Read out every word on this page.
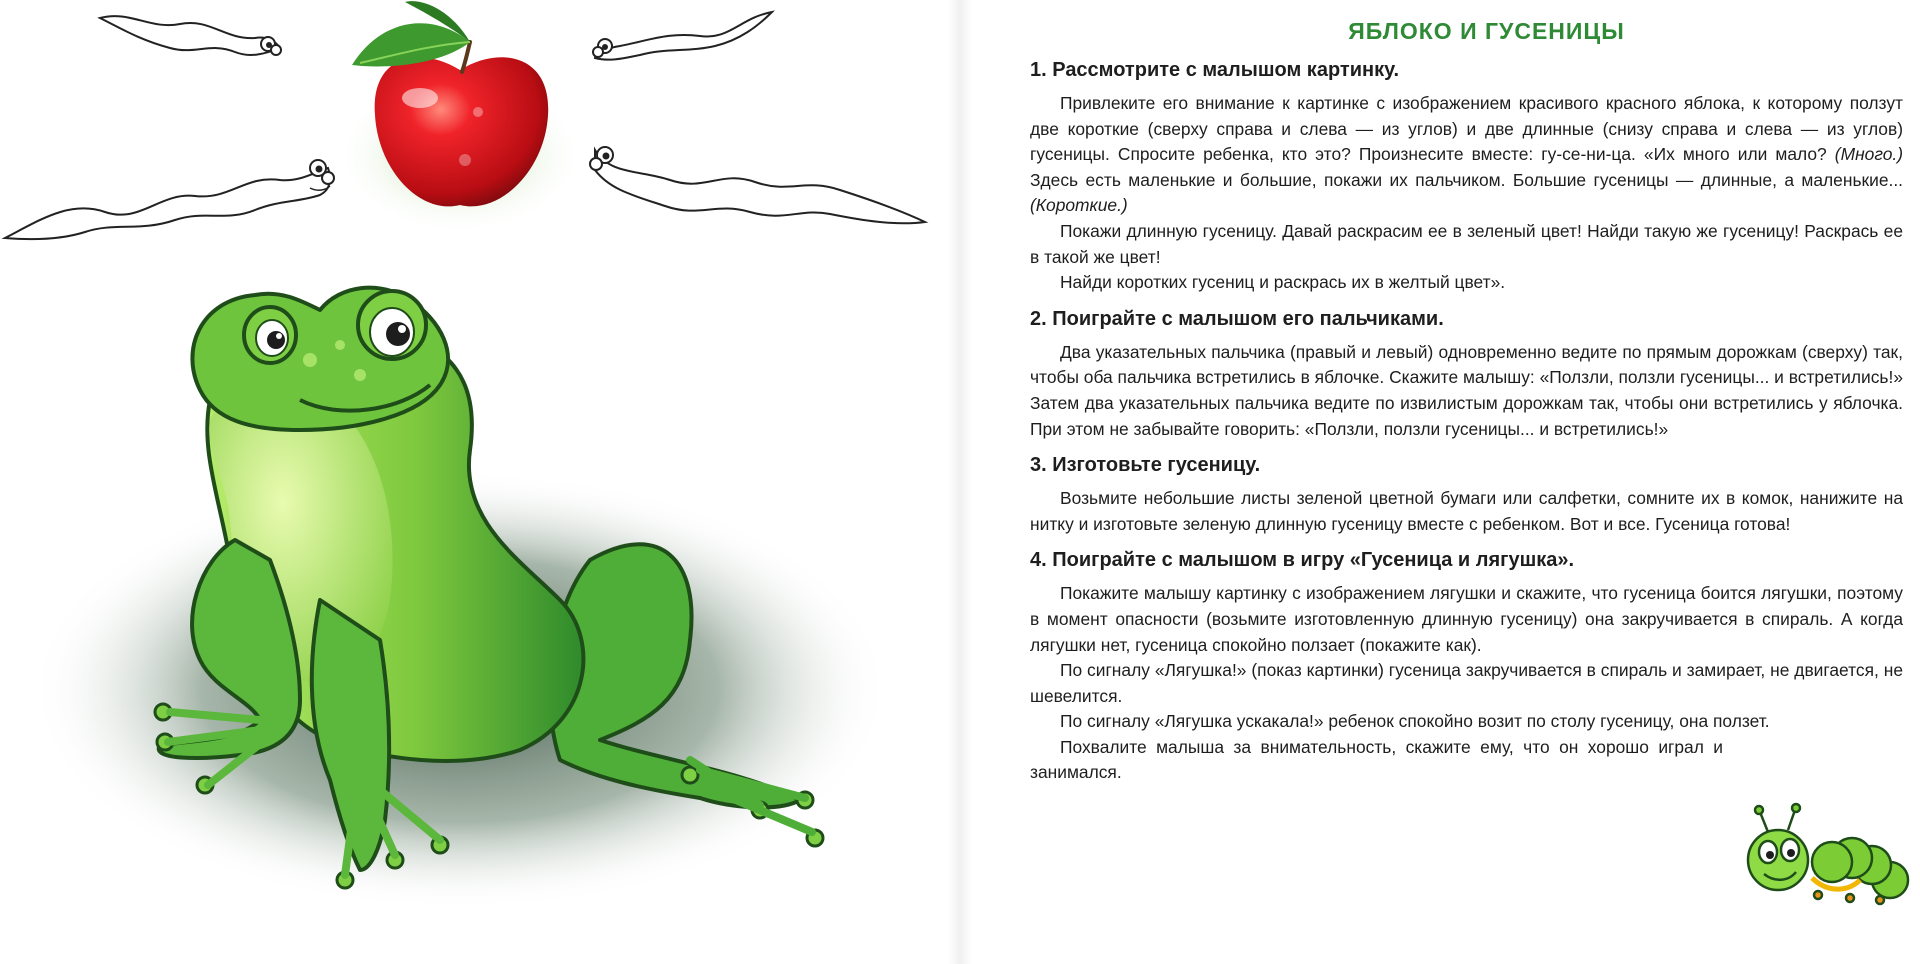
ЯБЛОКО И ГУСЕНИЦЫ
1. Рассмотрите с малышом картинку.

Привлеките его внимание к картинке с изображением красивого красного яблока, к которому ползут две короткие (сверху справа и слева — из углов) и две длинные (снизу справа и слева — из углов) гусеницы. Спросите ребенка, кто это? Произнесите вместе: гу-се-ни-ца. «Их много или мало? (Много.) Здесь есть маленькие и большие, покажи их пальчиком. Большие гусеницы — длинные, а маленькие... (Короткие.)

Покажи длинную гусеницу. Давай раскрасим ее в зеленый цвет! Найди такую же гусеницу! Раскрась ее в такой же цвет!

Найди коротких гусениц и раскрась их в желтый цвет».

2. Поиграйте с малышом его пальчиками.

Два указательных пальчика (правый и левый) одновременно ведите по прямым дорожкам (сверху) так, чтобы оба пальчика встретились в яблочке. Скажите малышу: «Ползли, ползли гусеницы... и встретились!» Затем два указательных пальчика ведите по извилистым дорожкам так, чтобы они встретились у яблочка. При этом не забывайте говорить: «Ползли, ползли гусеницы... и встретились!»

3. Изготовьте гусеницу.

Возьмите небольшие листы зеленой цветной бумаги или салфетки, сомните их в комок, нанижите на нитку и изготовьте зеленую длинную гусеницу вместе с ребенком. Вот и все. Гусеница готова!

4. Поиграйте с малышом в игру «Гусеница и лягушка».

Покажите малышу картинку с изображением лягушки и скажите, что гусеница боится лягушки, поэтому в момент опасности (возьмите изготовленную длинную гусеницу) она закручивается в спираль. А когда лягушки нет, гусеница спокойно ползает (покажите как).

По сигналу «Лягушка!» (показ картинки) гусеница закручивается в спираль и замирает, не двигается, не шевелится.

По сигналу «Лягушка ускакала!» ребенок спокойно возит по столу гусеницу, она ползет.

Похвалите малыша за внимательность, скажите ему, что он хорошо играл и занимался.
